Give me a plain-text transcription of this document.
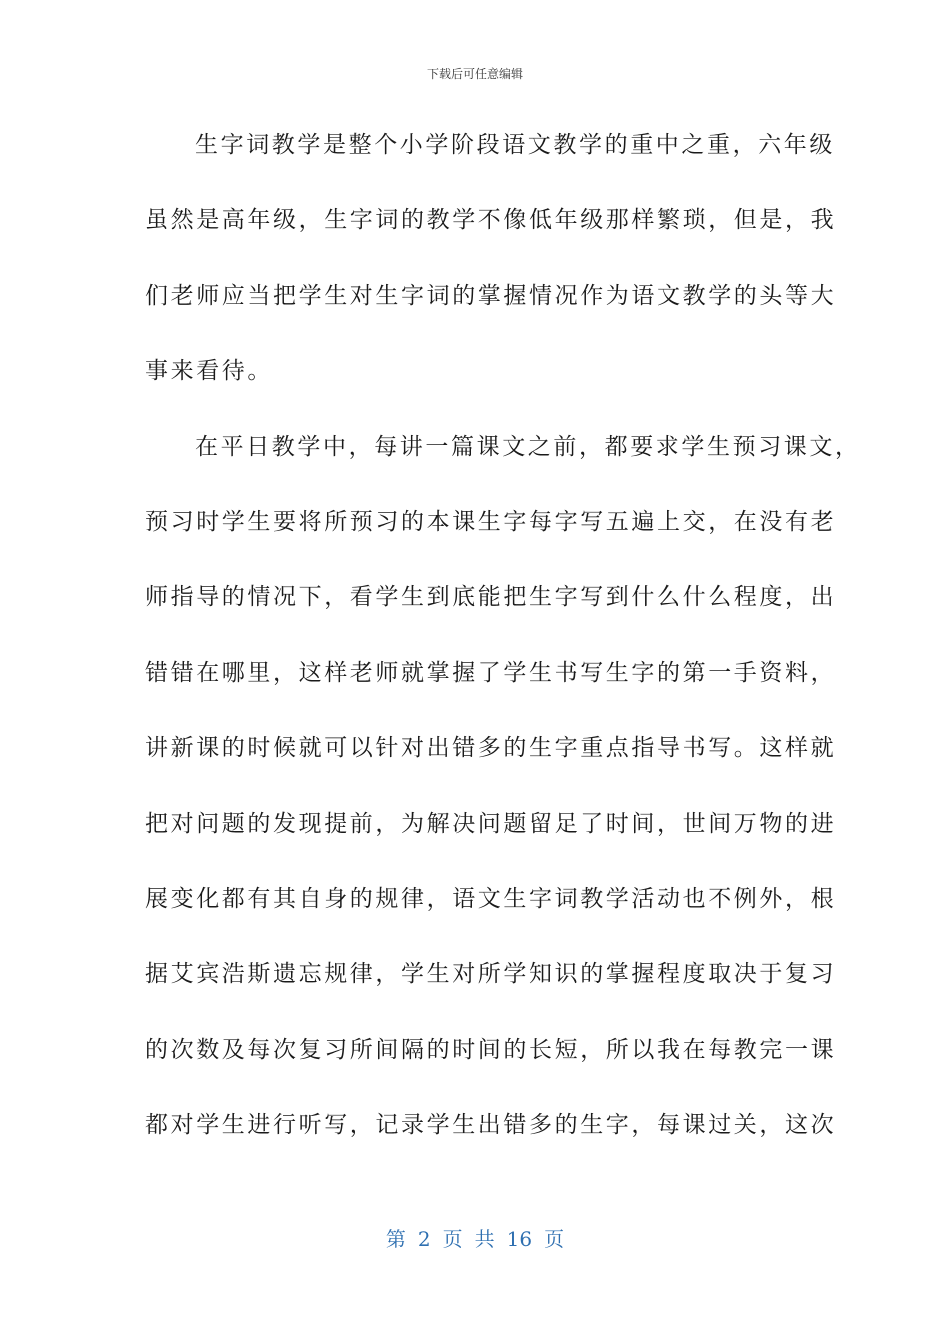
下载后可任意编辑
生字词教学是整个小学阶段语文教学的重中之重，六年级
虽然是高年级，生字词的教学不像低年级那样繁琐，但是，我
们老师应当把学生对生字词的掌握情况作为语文教学的头等大
事来看待。
在平日教学中，每讲一篇课文之前，都要求学生预习课文，
预习时学生要将所预习的本课生字每字写五遍上交，在没有老
师指导的情况下，看学生到底能把生字写到什么什么程度，出
错错在哪里，这样老师就掌握了学生书写生字的第一手资料，
讲新课的时候就可以针对出错多的生字重点指导书写。这样就
把对问题的发现提前，为解决问题留足了时间，世间万物的进
展变化都有其自身的规律，语文生字词教学活动也不例外，根
据艾宾浩斯遗忘规律，学生对所学知识的掌握程度取决于复习
的次数及每次复习所间隔的时间的长短，所以我在每教完一课
都对学生进行听写，记录学生出错多的生字，每课过关，这次
第 2 页 共 16 页
